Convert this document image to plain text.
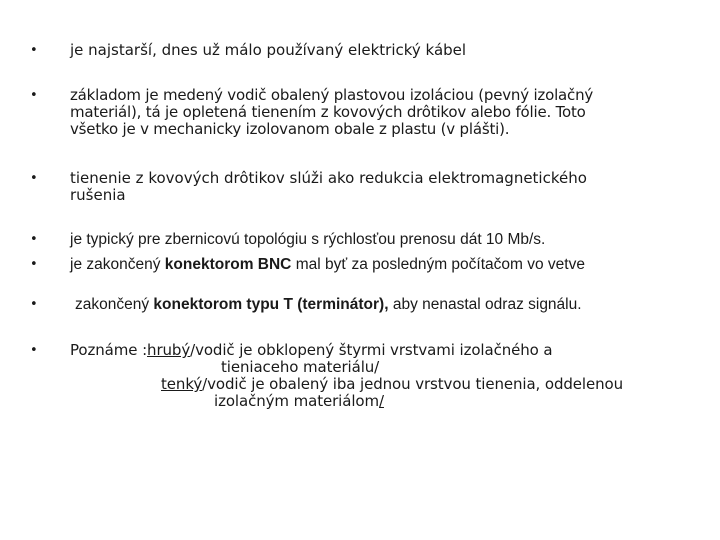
•	je najstarší, dnes už málo používaný elektrický kábel
•	základom je medený vodič obalený plastovou izoláciou (pevný izolačný
materiál), tá je opletená tienením z kovových drôtikov alebo fólie. Toto
všetko je v mechanicky izolovanom obale z plastu (v plášti).
•	tienenie z kovových drôtikov slúži ako redukcia elektromagnetického
rušenia
•	je typický pre zbernicovú topológiu s rýchlosťou prenosu dát 10 Mb/s.
•	je zakončený konektorom BNC mal byť za posledným počítačom vo vetve
•	zakončený konektorom typu T (terminátor), aby nenastal odraz signálu.
•	Poznáme :hrubý/vodič je obklopený štyrmi vrstvami izolačného a
tieniaceho materiálu/
tenký/vodič je obalený iba jednou vrstvou tienenia, oddelenou
izolačným materiálom/
